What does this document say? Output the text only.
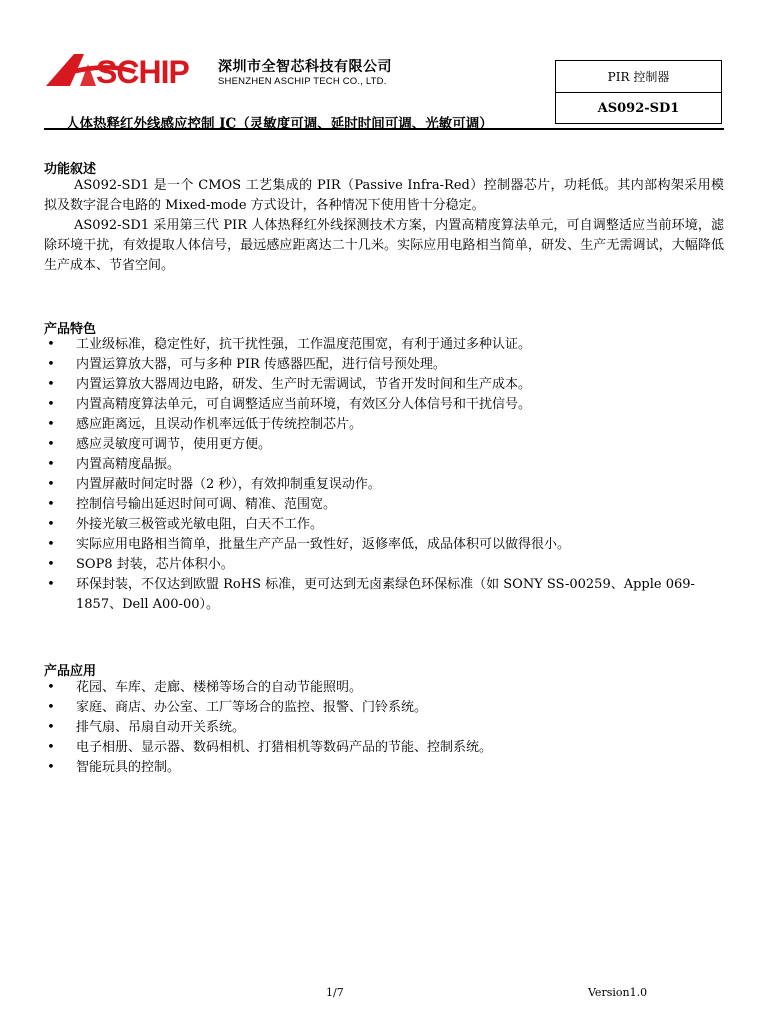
SCHIP 深圳市全智芯科技有限公司
SHENZHEN ASCHIP TECH CO., LTD.	PIR 控制器
AS092-SD1
人体热释红外线感应控制 IC（灵敏度可调、延时时间可调、光敏可调）
功能叙述
AS092-SD1 是一个 CMOS 工艺集成的 PIR（Passive Infra-Red）控制器芯片，功耗低。其内部构架采用模拟及数字混合电路的 Mixed-mode 方式设计，各种情况下使用皆十分稳定。
AS092-SD1 采用第三代 PIR 人体热释红外线探测技术方案，内置高精度算法单元，可自调整适应当前环境，滤除环境干扰，有效提取人体信号，最远感应距离达二十几米。实际应用电路相当简单，研发、生产无需调试，大幅降低生产成本、节省空间。
产品特色
• 工业级标准，稳定性好，抗干扰性强，工作温度范围宽，有利于通过多种认证。
• 内置运算放大器，可与多种 PIR 传感器匹配，进行信号预处理。
• 内置运算放大器周边电路，研发、生产时无需调试，节省开发时间和生产成本。
• 内置高精度算法单元，可自调整适应当前环境，有效区分人体信号和干扰信号。
• 感应距离远，且误动作机率远低于传统控制芯片。
• 感应灵敏度可调节，使用更方便。
• 内置高精度晶振。
• 内置屏蔽时间定时器（2 秒），有效抑制重复误动作。
• 控制信号输出延迟时间可调、精准、范围宽。
• 外接光敏三极管或光敏电阻，白天不工作。
• 实际应用电路相当简单，批量生产产品一致性好，返修率低，成品体积可以做得很小。
• SOP8 封装，芯片体积小。
• 环保封装，不仅达到欧盟 RoHS 标准，更可达到无卤素绿色环保标准（如 SONY SS-00259、Apple 069-1857、Dell A00-00）。
产品应用
• 花园、车库、走廊、楼梯等场合的自动节能照明。
• 家庭、商店、办公室、工厂等场合的监控、报警、门铃系统。
• 排气扇、吊扇自动开关系统。
• 电子相册、显示器、数码相机、打猎相机等数码产品的节能、控制系统。
• 智能玩具的控制。
1/7	Version1.0
